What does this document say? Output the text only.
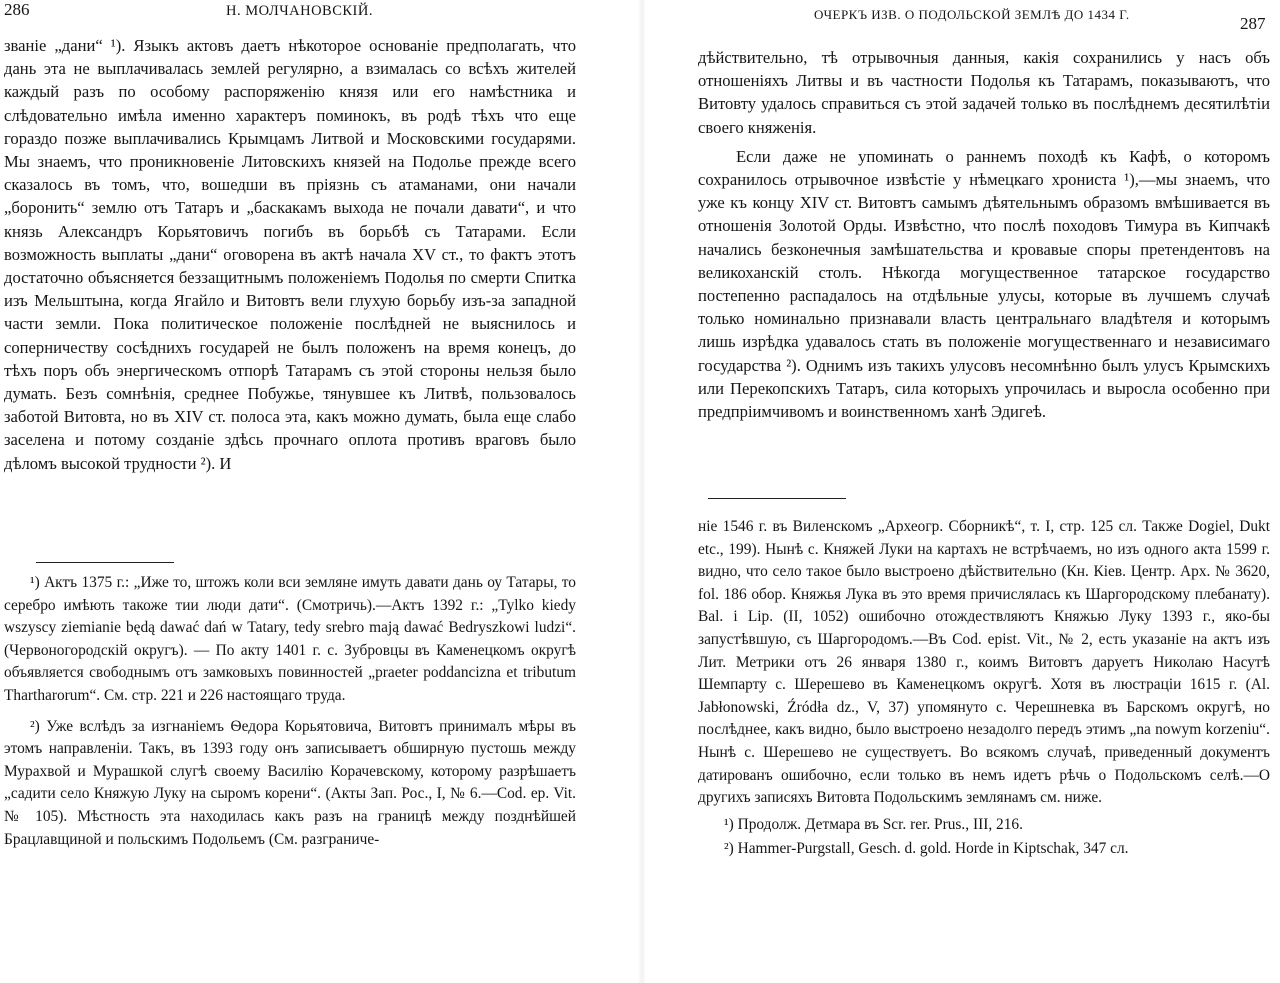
286	Н. МОЛЧАНОВСКІЙ.

званіе „дани“ ¹). Языкъ актовъ даетъ нѣкоторое основаніе предполагать, что дань эта не выплачивалась землей регулярно, а взималась со всѣхъ жителей каждый разъ по особому распоряженію князя или его намѣстника и слѣдовательно имѣла именно характеръ поминокъ, въ родѣ тѣхъ что еще гораздо позже выплачивались Крымцамъ Литвой и Московскими государями. Мы знаемъ, что проникновеніе Литовскихъ князей на Подолье прежде всего сказалось въ томъ, что, вошедши въ пріязнь съ атаманами, они начали „боронить“ землю отъ Татаръ и „баскакамъ выхода не почали давати“, и что князь Александръ Корьятовичъ погибъ въ борьбѣ съ Татарами. Если возможность выплаты „дани“ оговорена въ актѣ начала XV ст., то фактъ этотъ достаточно объясняется беззащитнымъ положеніемъ Подолья по смерти Спитка изъ Мельштына, когда Ягайло и Витовтъ вели глухую борьбу изъ-за западной части земли. Пока политическое положеніе послѣдней не выяснилось и соперничеству сосѣднихъ государей не былъ положенъ на время конецъ, до тѣхъ поръ объ энергическомъ отпорѣ Татарамъ съ этой стороны нельзя было думать. Безъ сомнѣнія, среднее Побужье, тянувшее къ Литвѣ, пользовалось заботой Витовта, но въ XIV ст. полоса эта, какъ можно думать, была еще слабо заселена и потому созданіе здѣсь прочнаго оплота противъ враговъ было дѣломъ высокой трудности ²). И

¹) Актъ 1375 г.: „Иже то, штожъ коли вси земляне имуть давати дань оу Татары, то серебро имѣють такоже тии люди дати“. (Смотричь).—Актъ 1392 г.: „Tylko kiedy wszyscy ziemianie będą dawać dań w Tatary, tedy srebro mają dawać Bedryszkowi ludzi“. (Червоногородскій округъ). — По акту 1401 г. с. Зубровцы въ Каменецкомъ округѣ объявляется свободнымъ отъ замковыхъ повинностей „praeter poddancizna et tributum Thartharorum“. См. стр. 221 и 226 настоящаго труда.

²) Уже вслѣдъ за изгнаніемъ Ѳедора Корьятовича, Витовтъ принималъ мѣры въ этомъ направленіи. Такъ, въ 1393 году онъ записываетъ обширную пустошь между Мурахвой и Мурашкой слугѣ своему Василію Корачевскому, которому разрѣшаетъ „садити село Княжую Луку на сыромъ корени“. (Акты Зап. Рос., I, № 6.—Cod. ep. Vit. № 105). Мѣстность эта находилась какъ разъ на границѣ между позднѣйшей Брацлавщиной и польскимъ Подольемъ (См. разграниче-

ОЧЕРКЪ ИЗВ. О ПОДОЛЬСКОЙ ЗЕМЛѢ ДО 1434 Г.	287

дѣйствительно, тѣ отрывочныя данныя, какія сохранились у насъ объ отношеніяхъ Литвы и въ частности Подолья къ Татарамъ, показываютъ, что Витовту удалось справиться съ этой задачей только въ послѣднемъ десятилѣтіи своего княженія.

Если даже не упоминать о раннемъ походѣ къ Кафѣ, о которомъ сохранилось отрывочное извѣстіе у нѣмецкаго хрониста ¹),—мы знаемъ, что уже къ концу XIV ст. Витовтъ самымъ дѣятельнымъ образомъ вмѣшивается въ отношенія Золотой Орды. Извѣстно, что послѣ походовъ Тимура въ Кипчакѣ начались безконечныя замѣшательства и кровавые споры претендентовъ на великоханскій столъ. Нѣкогда могущественное татарское государство постепенно распадалось на отдѣльные улусы, которые въ лучшемъ случаѣ только номинально признавали власть центральнаго владѣтеля и которымъ лишь изрѣдка удавалось стать въ положеніе могущественнаго и независимаго государства ²). Однимъ изъ такихъ улусовъ несомнѣнно былъ улусъ Крымскихъ или Перекопскихъ Татаръ, сила которыхъ упрочилась и выросла особенно при предпріимчивомъ и воинственномъ ханѣ Эдигеѣ.

ніе 1546 г. въ Виленскомъ „Археогр. Сборникѣ“, т. I, стр. 125 сл. Также Dogiel, Dukt etc., 199). Нынѣ с. Княжей Луки на картахъ не встрѣчаемъ, но изъ одного акта 1599 г. видно, что село такое было выстроено дѣйствительно (Кн. Кіев. Центр. Арх. № 3620, fol. 186 обор. Княжья Лука въ это время причислялась къ Шаргородскому плебанату). Bal. i Lip. (II, 1052) ошибочно отождествляютъ Княжью Луку 1393 г., яко-бы запустѣвшую, съ Шаргородомъ.—Въ Cod. epist. Vit., № 2, есть указаніе на актъ изъ Лит. Метрики отъ 26 января 1380 г., коимъ Витовтъ даруетъ Николаю Насутѣ Шемпарту с. Шерешево въ Каменецкомъ округѣ. Хотя въ люстраціи 1615 г. (Al. Jabłonowski, Źródła dz., V, 37) упомянуто с. Черешневка въ Барскомъ округѣ, но послѣднее, какъ видно, было выстроено незадолго передъ этимъ „na nowym korzeniu“. Нынѣ с. Шерешево не существуетъ. Во всякомъ случаѣ, приведенный документъ датированъ ошибочно, если только въ немъ идетъ рѣчь о Подольскомъ селѣ.—О другихъ записяхъ Витовта Подольскимъ землянамъ см. ниже.

¹) Продолж. Детмара въ Scr. rer. Prus., III, 216.

²) Hammer-Purgstall, Gesch. d. gold. Horde in Kiptschak, 347 сл.
